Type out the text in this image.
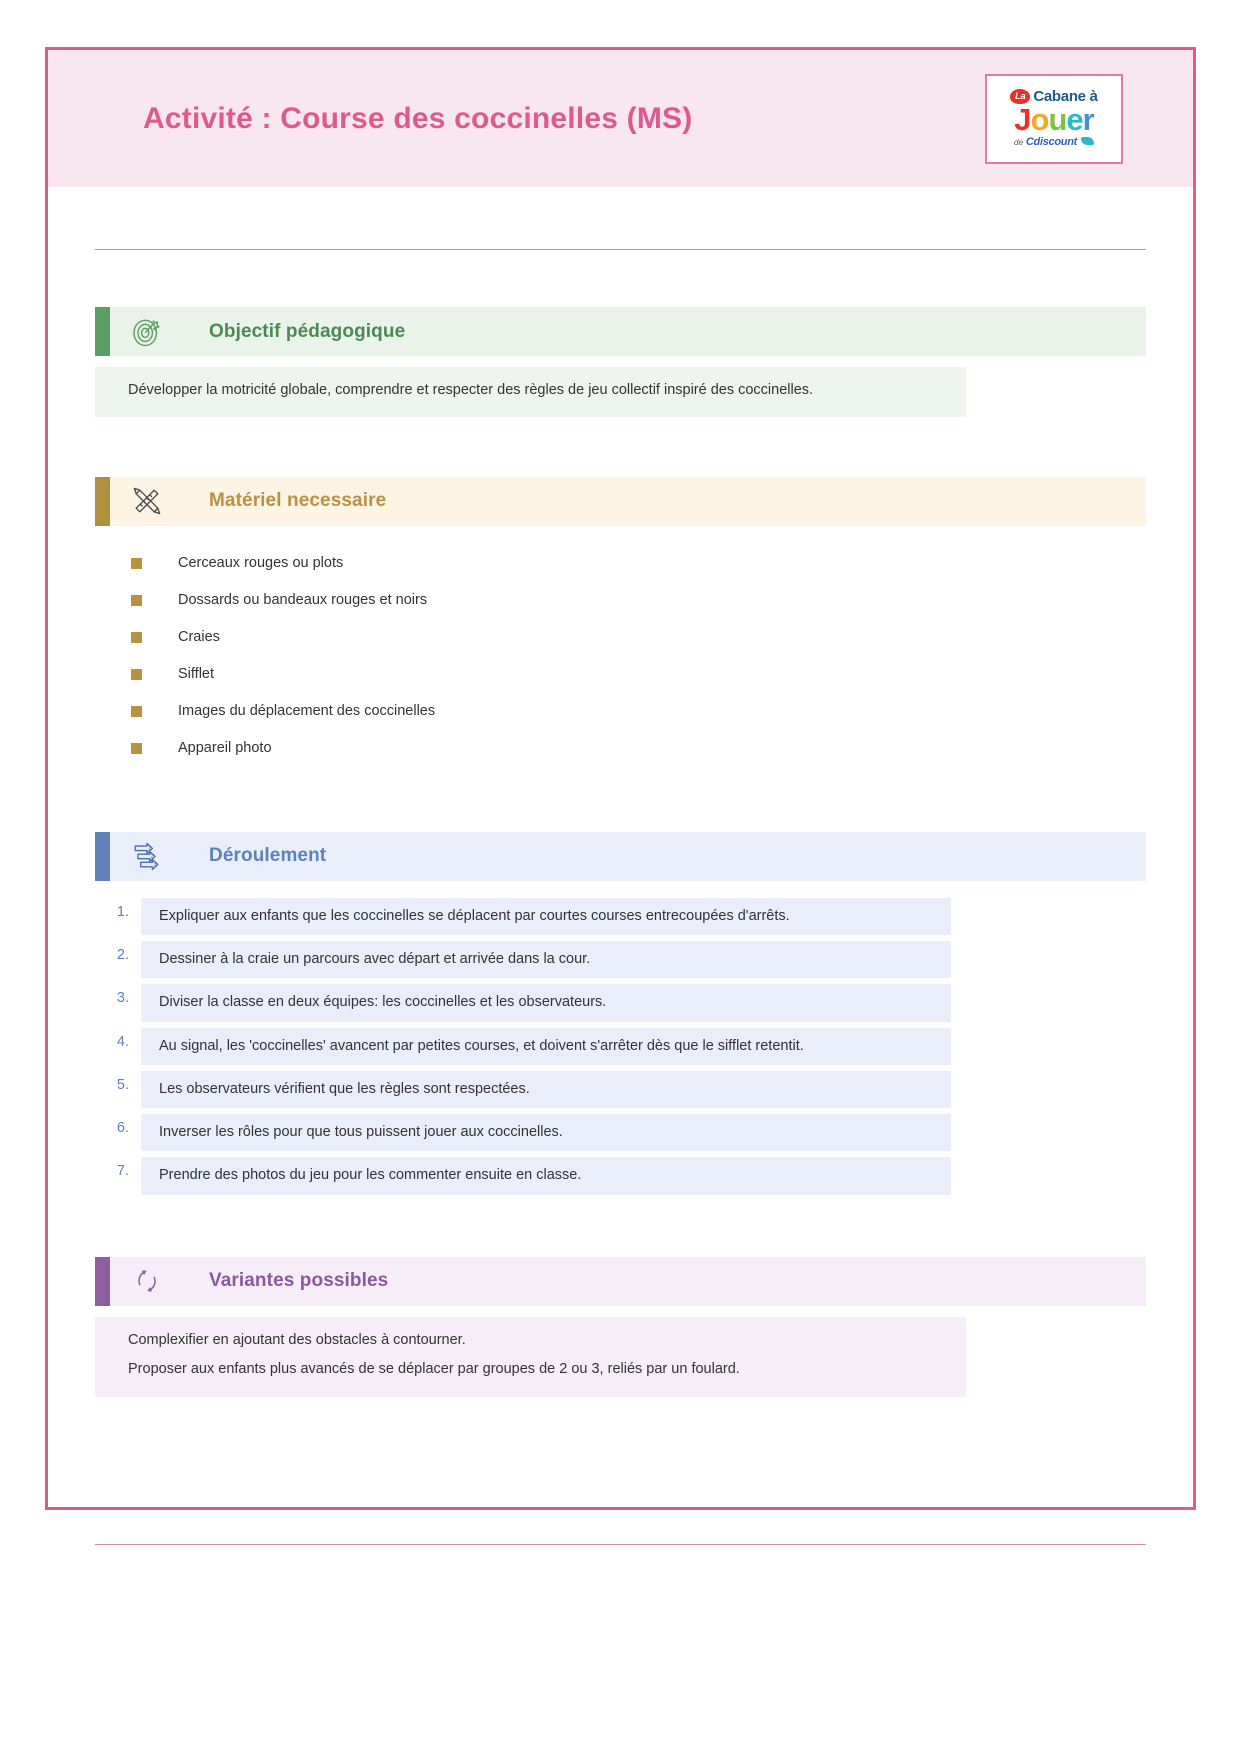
Activité : Course des coccinelles (MS)
La Cabane à
Jouer
de Cdiscount
Objectif pédagogique
Développer la motricité globale, comprendre et respecter des règles de jeu collectif inspiré des coccinelles.
Matériel necessaire
Cerceaux rouges ou plots
Dossards ou bandeaux rouges et noirs
Craies
Sifflet
Images du déplacement des coccinelles
Appareil photo
1
2
3	Déroulement
Expliquer aux enfants que les coccinelles se déplacent par courtes courses entrecoupées d'arrêts.
Dessiner à la craie un parcours avec départ et arrivée dans la cour.
Diviser la classe en deux équipes: les coccinelles et les observateurs.
Au signal, les 'coccinelles' avancent par petites courses, et doivent s'arrêter dès que le sifflet retentit.
Les observateurs vérifient que les règles sont respectées.
Inverser les rôles pour que tous puissent jouer aux coccinelles.
Prendre des photos du jeu pour les commenter ensuite en classe.
Variantes possibles

Complexifier en ajoutant des obstacles à contourner.

Proposer aux enfants plus avancés de se déplacer par groupes de 2 ou 3, reliés par un foulard.
